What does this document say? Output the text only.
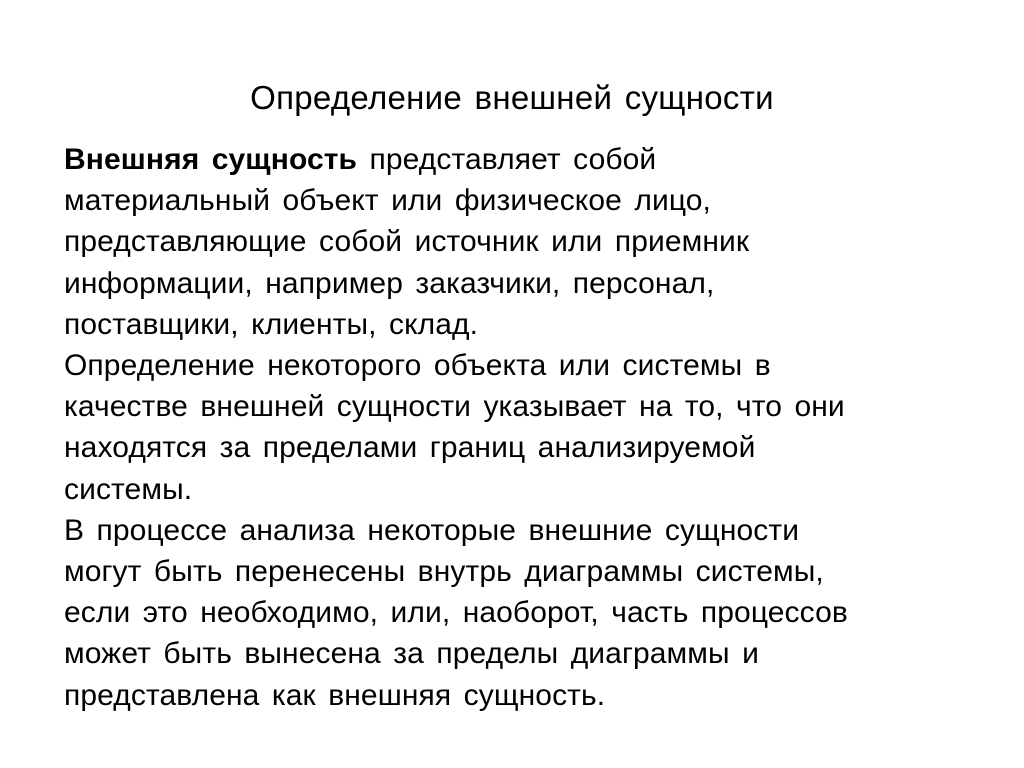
Определение внешней сущности

Внешняя сущность представляет собой
материальный объект или физическое лицо,
представляющие собой источник или приемник
информации, например заказчики, персонал,
поставщики, клиенты, склад.

Определение некоторого объекта или системы в
качестве внешней сущности указывает на то, что они
находятся за пределами границ анализируемой
системы.

В процессе анализа некоторые внешние сущности
могут быть перенесены внутрь диаграммы системы,
если это необходимо, или, наоборот, часть процессов
может быть вынесена за пределы диаграммы и
представлена как внешняя сущность.
